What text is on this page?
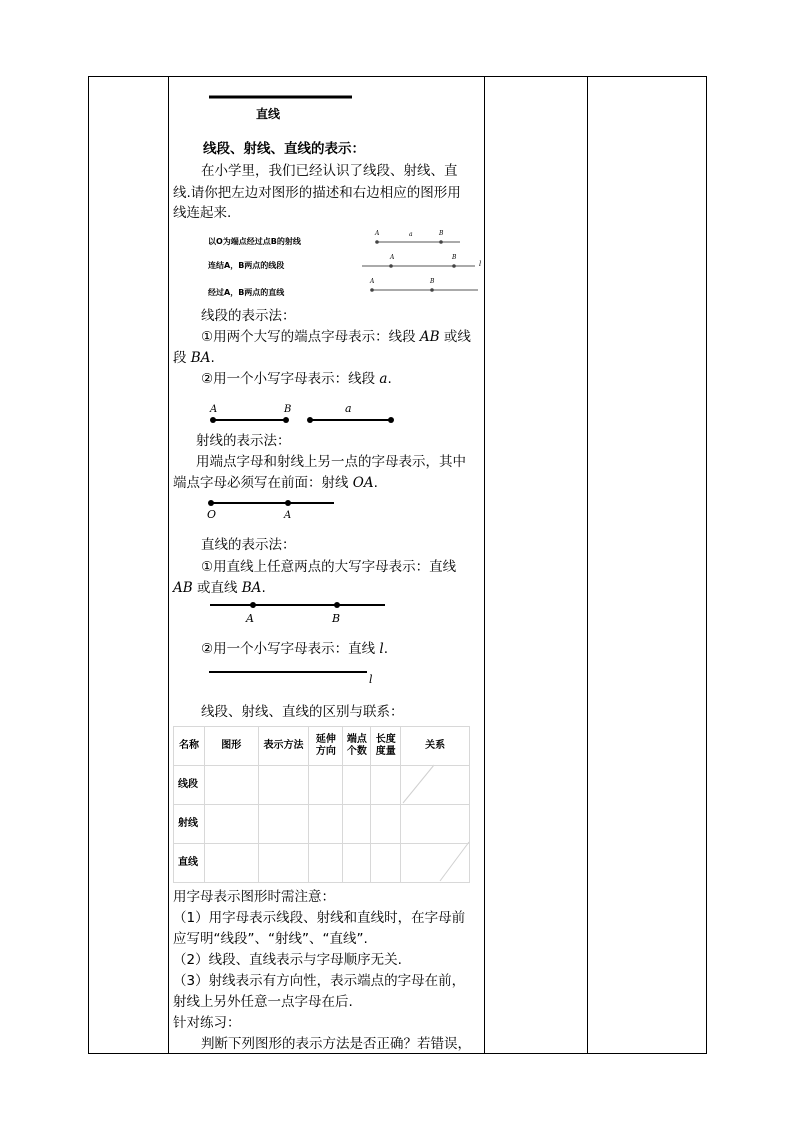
直线
线段、射线、直线的表示：
在小学里，我们已经认识了线段、射线、直
线.请你把左边对图形的描述和右边相应的图形用
线连起来.
以O为端点经过点B的射线
连结A，B两点的线段
经过A，B两点的直线
A	a	B
A	B
l
A	B
线段的表示法：
①用两个大写的端点字母表示：线段 AB 或线
段 BA.
②用一个小写字母表示：线段 a.
A	B	a
射线的表示法：
用端点字母和射线上另一点的字母表示，其中
端点字母必须写在前面：射线 OA.
O	A
直线的表示法：
①用直线上任意两点的大写字母表示：直线
AB 或直线 BA.
A	B
②用一个小写字母表示：直线 l.
l
线段、射线、直线的区别与联系：
名称	图形	表示方法	延伸方向	端点个数	长度度量	关系
线段						
射线						
直线						
用字母表示图形时需注意：
（1）用字母表示线段、射线和直线时，在字母前
应写明“线段”、“射线”、“直线”.
（2）线段、直线表示与字母顺序无关.
（3）射线表示有方向性，表示端点的字母在前，
射线上另外任意一点字母在后.
针对练习：
判断下列图形的表示方法是否正确？若错误，
